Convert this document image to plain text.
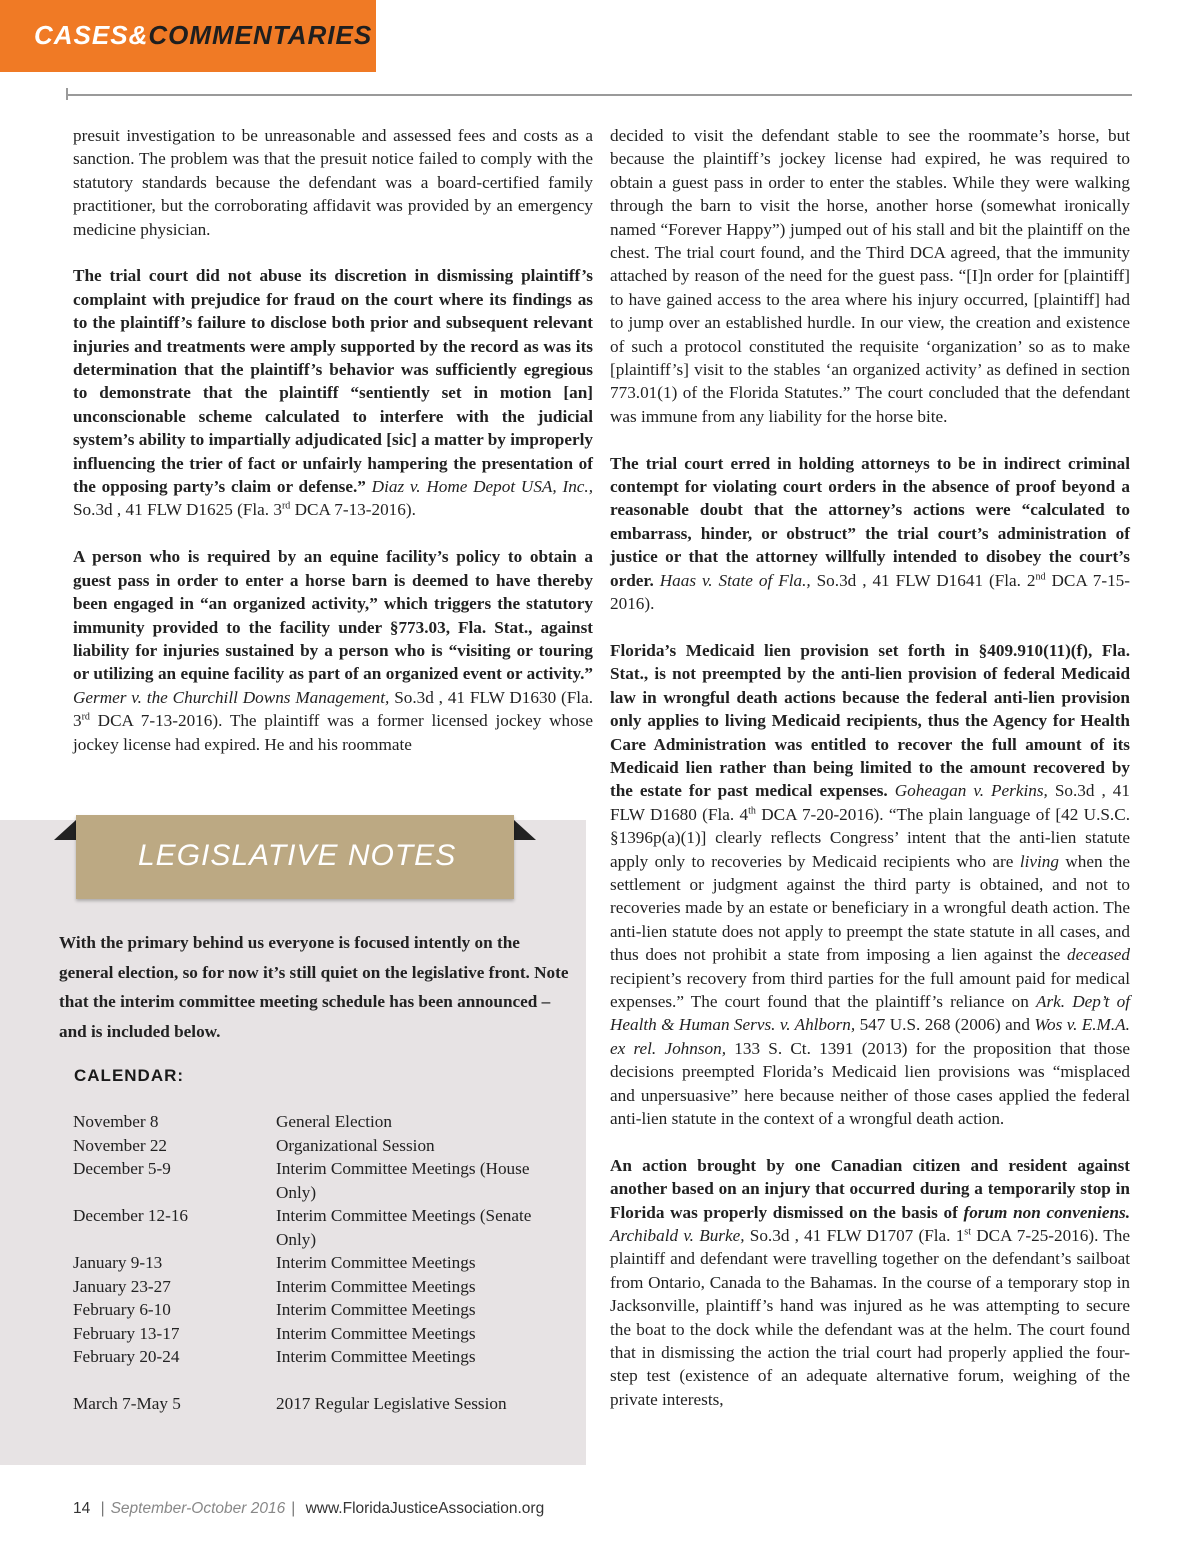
CASES&COMMENTARIES

presuit investigation to be unreasonable and assessed fees and costs as a sanction. The problem was that the presuit notice failed to comply with the statutory standards because the defendant was a board-certified family practitioner, but the corroborating affidavit was provided by an emergency medicine physician.

The trial court did not abuse its discretion in dismissing plaintiff’s complaint with prejudice for fraud on the court where its findings as to the plaintiff’s failure to disclose both prior and subsequent relevant injuries and treatments were amply supported by the record as was its determination that the plaintiff’s behavior was sufficiently egregious to demonstrate that the plaintiff “sentiently set in motion [an] unconscionable scheme calculated to interfere with the judicial system’s ability to impartially adjudicated [sic] a matter by improperly influencing the trier of fact or unfairly hampering the presentation of the opposing party’s claim or defense.” Diaz v. Home Depot USA, Inc., So.3d , 41 FLW D1625 (Fla. 3rd DCA 7-13-2016).

A person who is required by an equine facility’s policy to obtain a guest pass in order to enter a horse barn is deemed to have thereby been engaged in “an organized activity,” which triggers the statutory immunity provided to the facility under §773.03, Fla. Stat., against liability for injuries sustained by a person who is “visiting or touring or utilizing an equine facility as part of an organized event or activity.” Germer v. the Churchill Downs Management, So.3d , 41 FLW D1630 (Fla. 3rd DCA 7-13-2016). The plaintiff was a former licensed jockey whose jockey license had expired. He and his roommate

LEGISLATIVE NOTES
With the primary behind us everyone is focused intently on the general election, so for now it’s still quiet on the legislative front. Note that the interim committee meeting schedule has been announced – and is included below.
CALENDAR:
November 8	General Election
November 22	Organizational Session
December 5-9	Interim Committee Meetings (House Only)
December 12-16	Interim Committee Meetings (Senate Only)
January 9-13	Interim Committee Meetings
January 23-27	Interim Committee Meetings
February 6-10	Interim Committee Meetings
February 13-17	Interim Committee Meetings
February 20-24	Interim Committee Meetings
March 7-May 5	2017 Regular Legislative Session

decided to visit the defendant stable to see the roommate’s horse, but because the plaintiff’s jockey license had expired, he was required to obtain a guest pass in order to enter the stables. While they were walking through the barn to visit the horse, another horse (somewhat ironically named “Forever Happy”) jumped out of his stall and bit the plaintiff on the chest. The trial court found, and the Third DCA agreed, that the immunity attached by reason of the need for the guest pass. “[I]n order for [plaintiff] to have gained access to the area where his injury occurred, [plaintiff] had to jump over an established hurdle. In our view, the creation and existence of such a protocol constituted the requisite ‘organization’ so as to make [plaintiff’s] visit to the stables ‘an organized activity’ as defined in section 773.01(1) of the Florida Statutes.” The court concluded that the defendant was immune from any liability for the horse bite.

The trial court erred in holding attorneys to be in indirect criminal contempt for violating court orders in the absence of proof beyond a reasonable doubt that the attorney’s actions were “calculated to embarrass, hinder, or obstruct” the trial court’s administration of justice or that the attorney willfully intended to disobey the court’s order. Haas v. State of Fla., So.3d , 41 FLW D1641 (Fla. 2nd DCA 7-15-2016).

Florida’s Medicaid lien provision set forth in §409.910(11)(f), Fla. Stat., is not preempted by the anti-lien provision of federal Medicaid law in wrongful death actions because the federal anti-lien provision only applies to living Medicaid recipients, thus the Agency for Health Care Administration was entitled to recover the full amount of its Medicaid lien rather than being limited to the amount recovered by the estate for past medical expenses. Goheagan v. Perkins, So.3d , 41 FLW D1680 (Fla. 4th DCA 7-20-2016). “The plain language of [42 U.S.C. §1396p(a)(1)] clearly reflects Congress’ intent that the anti-lien statute apply only to recoveries by Medicaid recipients who are living when the settlement or judgment against the third party is obtained, and not to recoveries made by an estate or beneficiary in a wrongful death action. The anti-lien statute does not apply to preempt the state statute in all cases, and thus does not prohibit a state from imposing a lien against the deceased recipient’s recovery from third parties for the full amount paid for medical expenses.” The court found that the plaintiff’s reliance on Ark. Dep’t of Health & Human Servs. v. Ahlborn, 547 U.S. 268 (2006) and Wos v. E.M.A. ex rel. Johnson, 133 S. Ct. 1391 (2013) for the proposition that those decisions preempted Florida’s Medicaid lien provisions was “misplaced and unpersuasive” here because neither of those cases applied the federal anti-lien statute in the context of a wrongful death action.

An action brought by one Canadian citizen and resident against another based on an injury that occurred during a temporarily stop in Florida was properly dismissed on the basis of forum non conveniens. Archibald v. Burke, So.3d , 41 FLW D1707 (Fla. 1st DCA 7-25-2016). The plaintiff and defendant were travelling together on the defendant’s sailboat from Ontario, Canada to the Bahamas. In the course of a temporary stop in Jacksonville, plaintiff’s hand was injured as he was attempting to secure the boat to the dock while the defendant was at the helm. The court found that in dismissing the action the trial court had properly applied the four-step test (existence of an adequate alternative forum, weighing of the private interests,

14 | September-October 2016 | www.FloridaJusticeAssociation.org
